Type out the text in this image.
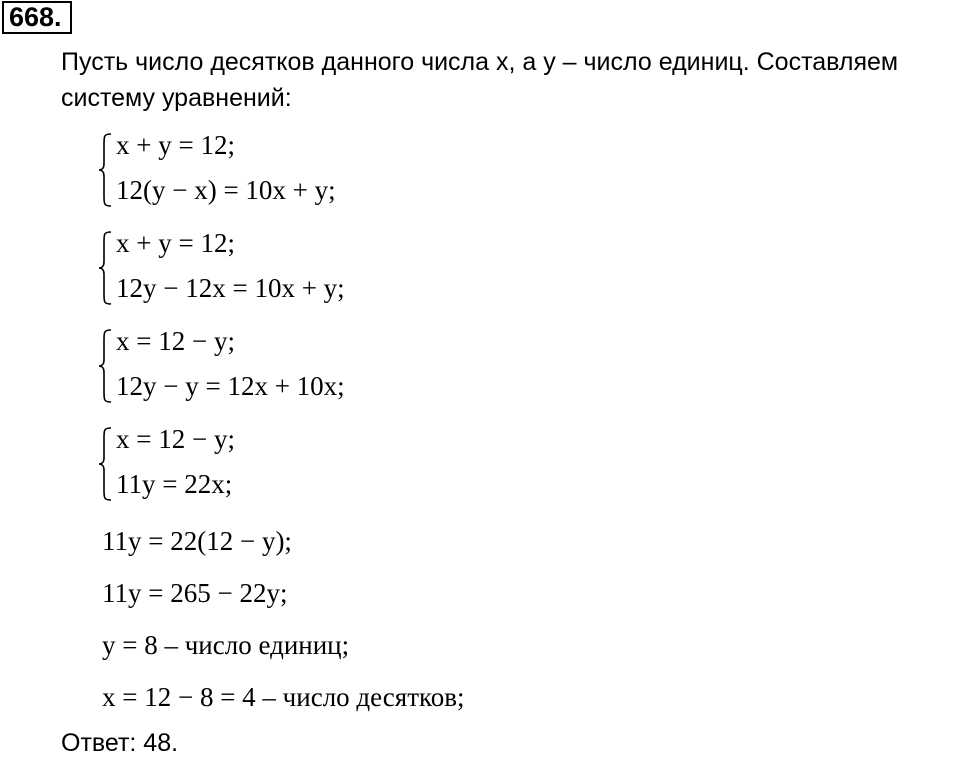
668.
Пусть число десятков данного числа x, а y – число единиц. Составляем
систему уравнений:
x + y = 12;
12(y − x) = 10x + y;
x + y = 12;
12y − 12x = 10x + y;
x = 12 − y;
12y − y = 12x + 10x;
x = 12 − y;
11y = 22x;
11y = 22(12 − y);
11y = 265 − 22y;
y = 8 – число единиц;
x = 12 − 8 = 4 – число десятков;
Ответ: 48.
